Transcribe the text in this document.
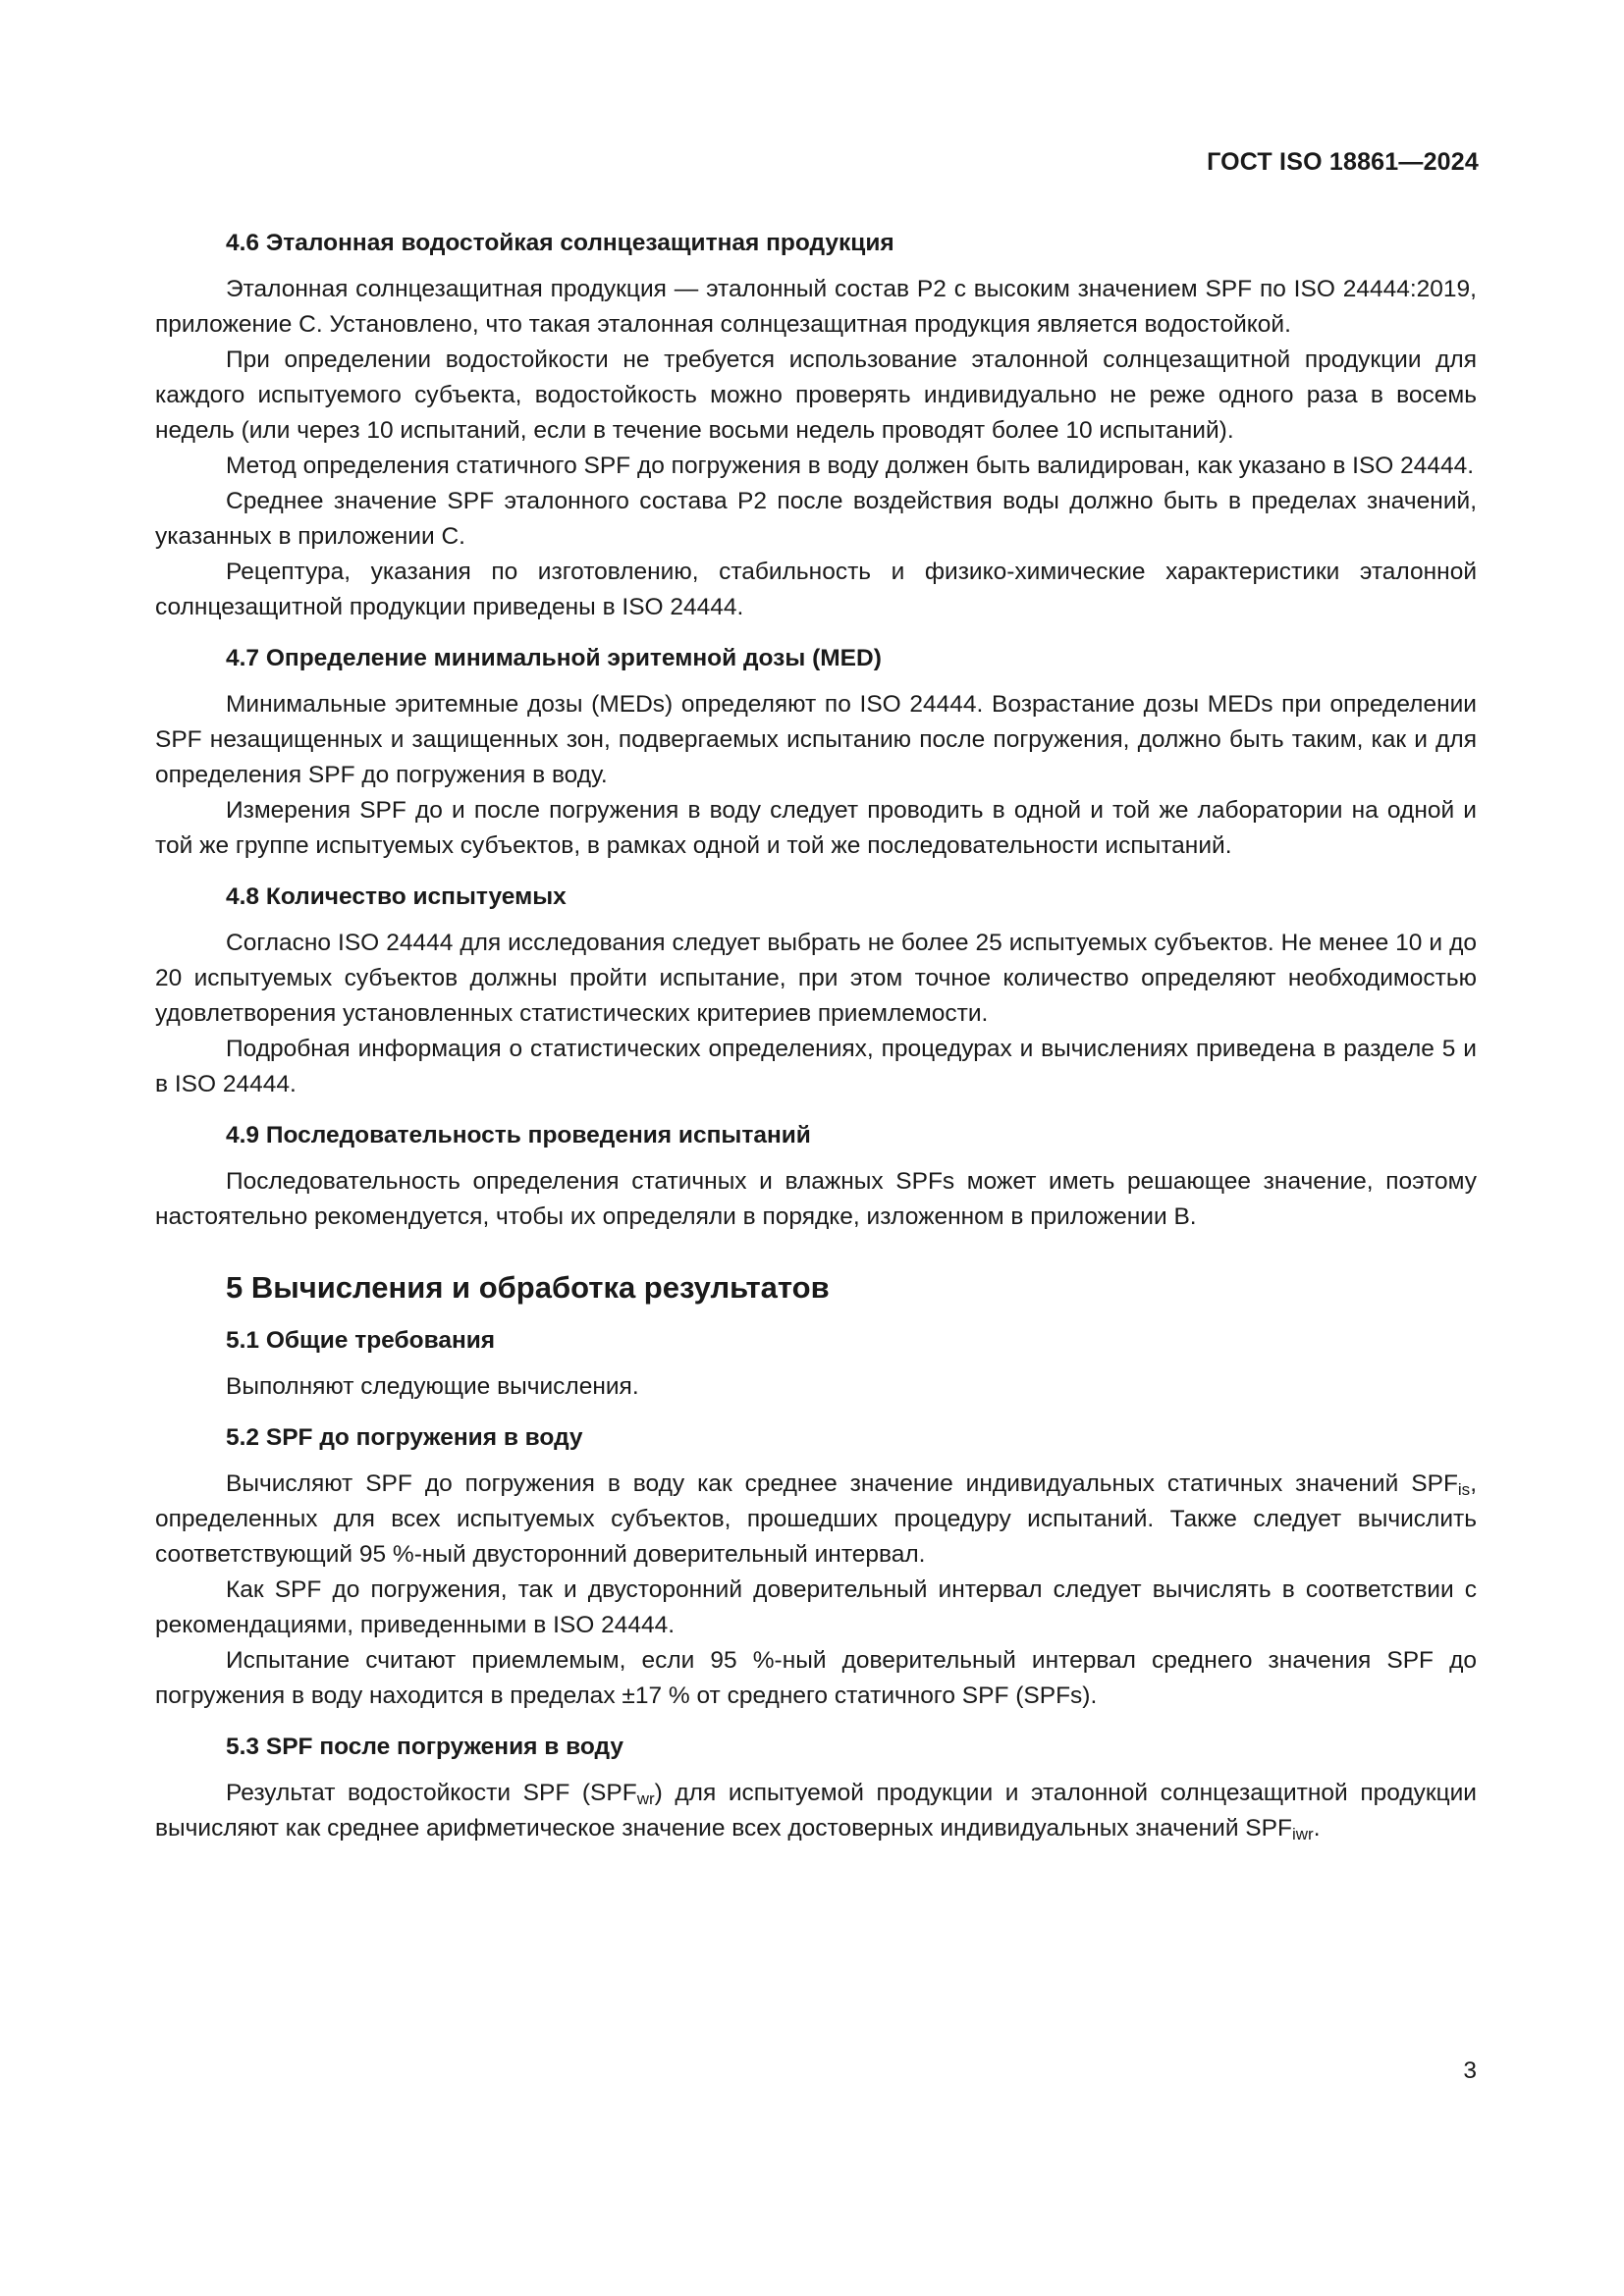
ГОСТ ISO 18861—2024
4.6 Эталонная водостойкая солнцезащитная продукция

Эталонная солнцезащитная продукция — эталонный состав P2 с высоким значением SPF по ISO 24444:2019, приложение С. Установлено, что такая эталонная солнцезащитная продукция является водостойкой.

При определении водостойкости не требуется использование эталонной солнцезащитной продукции для каждого испытуемого субъекта, водостойкость можно проверять индивидуально не реже одного раза в восемь недель (или через 10 испытаний, если в течение восьми недель проводят более 10 испытаний).

Метод определения статичного SPF до погружения в воду должен быть валидирован, как указано в ISO 24444.

Среднее значение SPF эталонного состава P2 после воздействия воды должно быть в пределах значений, указанных в приложении С.

Рецептура, указания по изготовлению, стабильность и физико-химические характеристики эталонной солнцезащитной продукции приведены в ISO 24444.

4.7 Определение минимальной эритемной дозы (MED)

Минимальные эритемные дозы (MEDs) определяют по ISO 24444. Возрастание дозы MEDs при определении SPF незащищенных и защищенных зон, подвергаемых испытанию после погружения, должно быть таким, как и для определения SPF до погружения в воду.

Измерения SPF до и после погружения в воду следует проводить в одной и той же лаборатории на одной и той же группе испытуемых субъектов, в рамках одной и той же последовательности испытаний.

4.8 Количество испытуемых

Согласно ISO 24444 для исследования следует выбрать не более 25 испытуемых субъектов. Не менее 10 и до 20 испытуемых субъектов должны пройти испытание, при этом точное количество определяют необходимостью удовлетворения установленных статистических критериев приемлемости.

Подробная информация о статистических определениях, процедурах и вычислениях приведена в разделе 5 и в ISO 24444.

4.9 Последовательность проведения испытаний

Последовательность определения статичных и влажных SPFs может иметь решающее значение, поэтому настоятельно рекомендуется, чтобы их определяли в порядке, изложенном в приложении В.

5 Вычисления и обработка результатов
5.1 Общие требования

Выполняют следующие вычисления.

5.2 SPF до погружения в воду

Вычисляют SPF до погружения в воду как среднее значение индивидуальных статичных значений $SPF_{is}$, определенных для всех испытуемых субъектов, прошедших процедуру испытаний. Также следует вычислить соответствующий 95 %-ный двусторонний доверительный интервал.

Как SPF до погружения, так и двусторонний доверительный интервал следует вычислять в соответствии с рекомендациями, приведенными в ISO 24444.

Испытание считают приемлемым, если 95 %-ный доверительный интервал среднего значения SPF до погружения в воду находится в пределах ±17 % от среднего статичного SPF (SPFs).

5.3 SPF после погружения в воду

Результат водостойкости SPF $(SPF_{wr})$ для испытуемой продукции и эталонной солнцезащитной продукции вычисляют как среднее арифметическое значение всех достоверных индивидуальных значений $SPF_{iwr}$.

3
